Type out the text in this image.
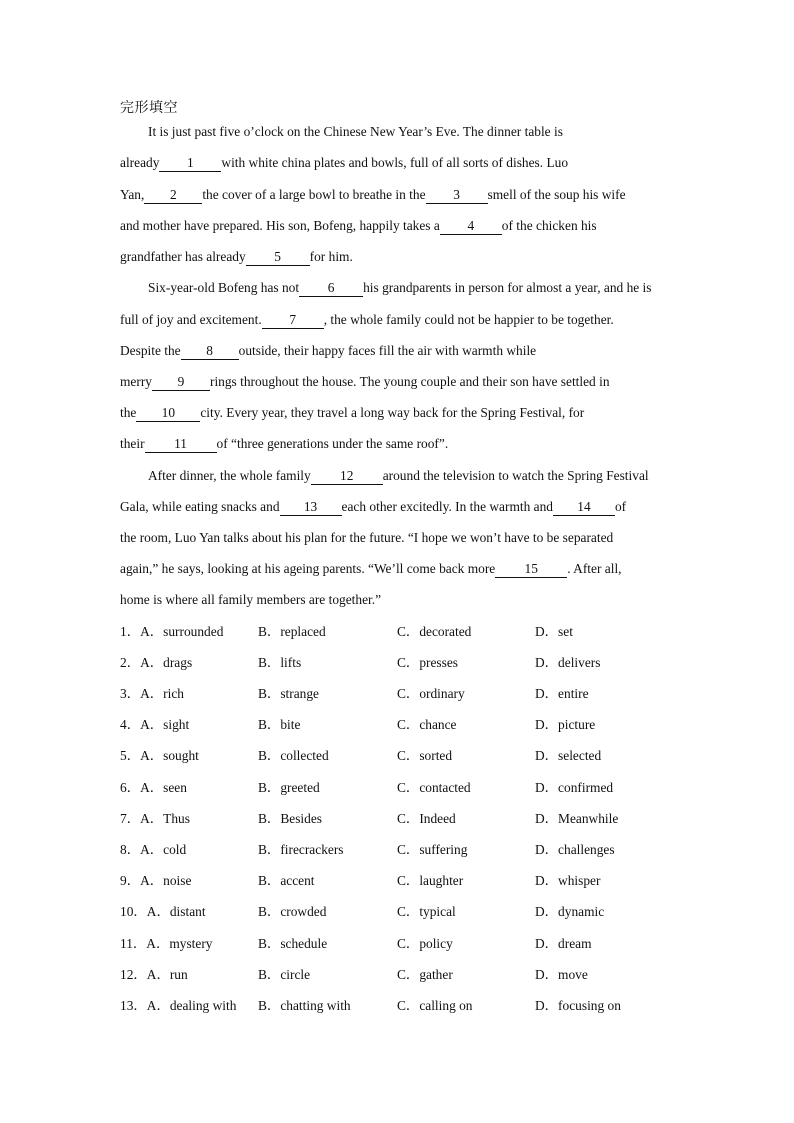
完形填空
It is just past five o’clock on the Chinese New Year’s Eve. The dinner table is
already 1 with white china plates and bowls, full of all sorts of dishes. Luo
Yan, 2 the cover of a large bowl to breathe in the 3 smell of the soup his wife
and mother have prepared. His son, Bofeng, happily takes a 4 of the chicken his
grandfather has already 5 for him.
Six-year-old Bofeng has not 6 his grandparents in person for almost a year, and he is
full of joy and excitement. 7 , the whole family could not be happier to be together.
Despite the 8 outside, their happy faces fill the air with warmth while
merry 9 rings throughout the house. The young couple and their son have settled in
the 10 city. Every year, they travel a long way back for the Spring Festival, for
their 11 of “three generations under the same roof”.
After dinner, the whole family 12 around the television to watch the Spring Festival
Gala, while eating snacks and 13 each other excitedly. In the warmth and 14 of
the room, Luo Yan talks about his plan for the future. “I hope we won’t have to be separated
again,” he says, looking at his ageing parents. “We’ll come back more 15 . After all,
home is where all family members are together.”
1．A．surrounded	B．replaced	C．decorated	D．set
2．A．drags	B．lifts	C．presses	D．delivers
3．A．rich	B．strange	C．ordinary	D．entire
4．A．sight	B．bite	C．chance	D．picture
5．A．sought	B．collected	C．sorted	D．selected
6．A．seen	B．greeted	C．contacted	D．confirmed
7．A．Thus	B．Besides	C．Indeed	D．Meanwhile
8．A．cold	B．firecrackers	C．suffering	D．challenges
9．A．noise	B．accent	C．laughter	D．whisper
10．A．distant	B．crowded	C．typical	D．dynamic
11．A．mystery	B．schedule	C．policy	D．dream
12．A．run	B．circle	C．gather	D．move
13．A．dealing with B．chatting with	C．calling on	D．focusing on
